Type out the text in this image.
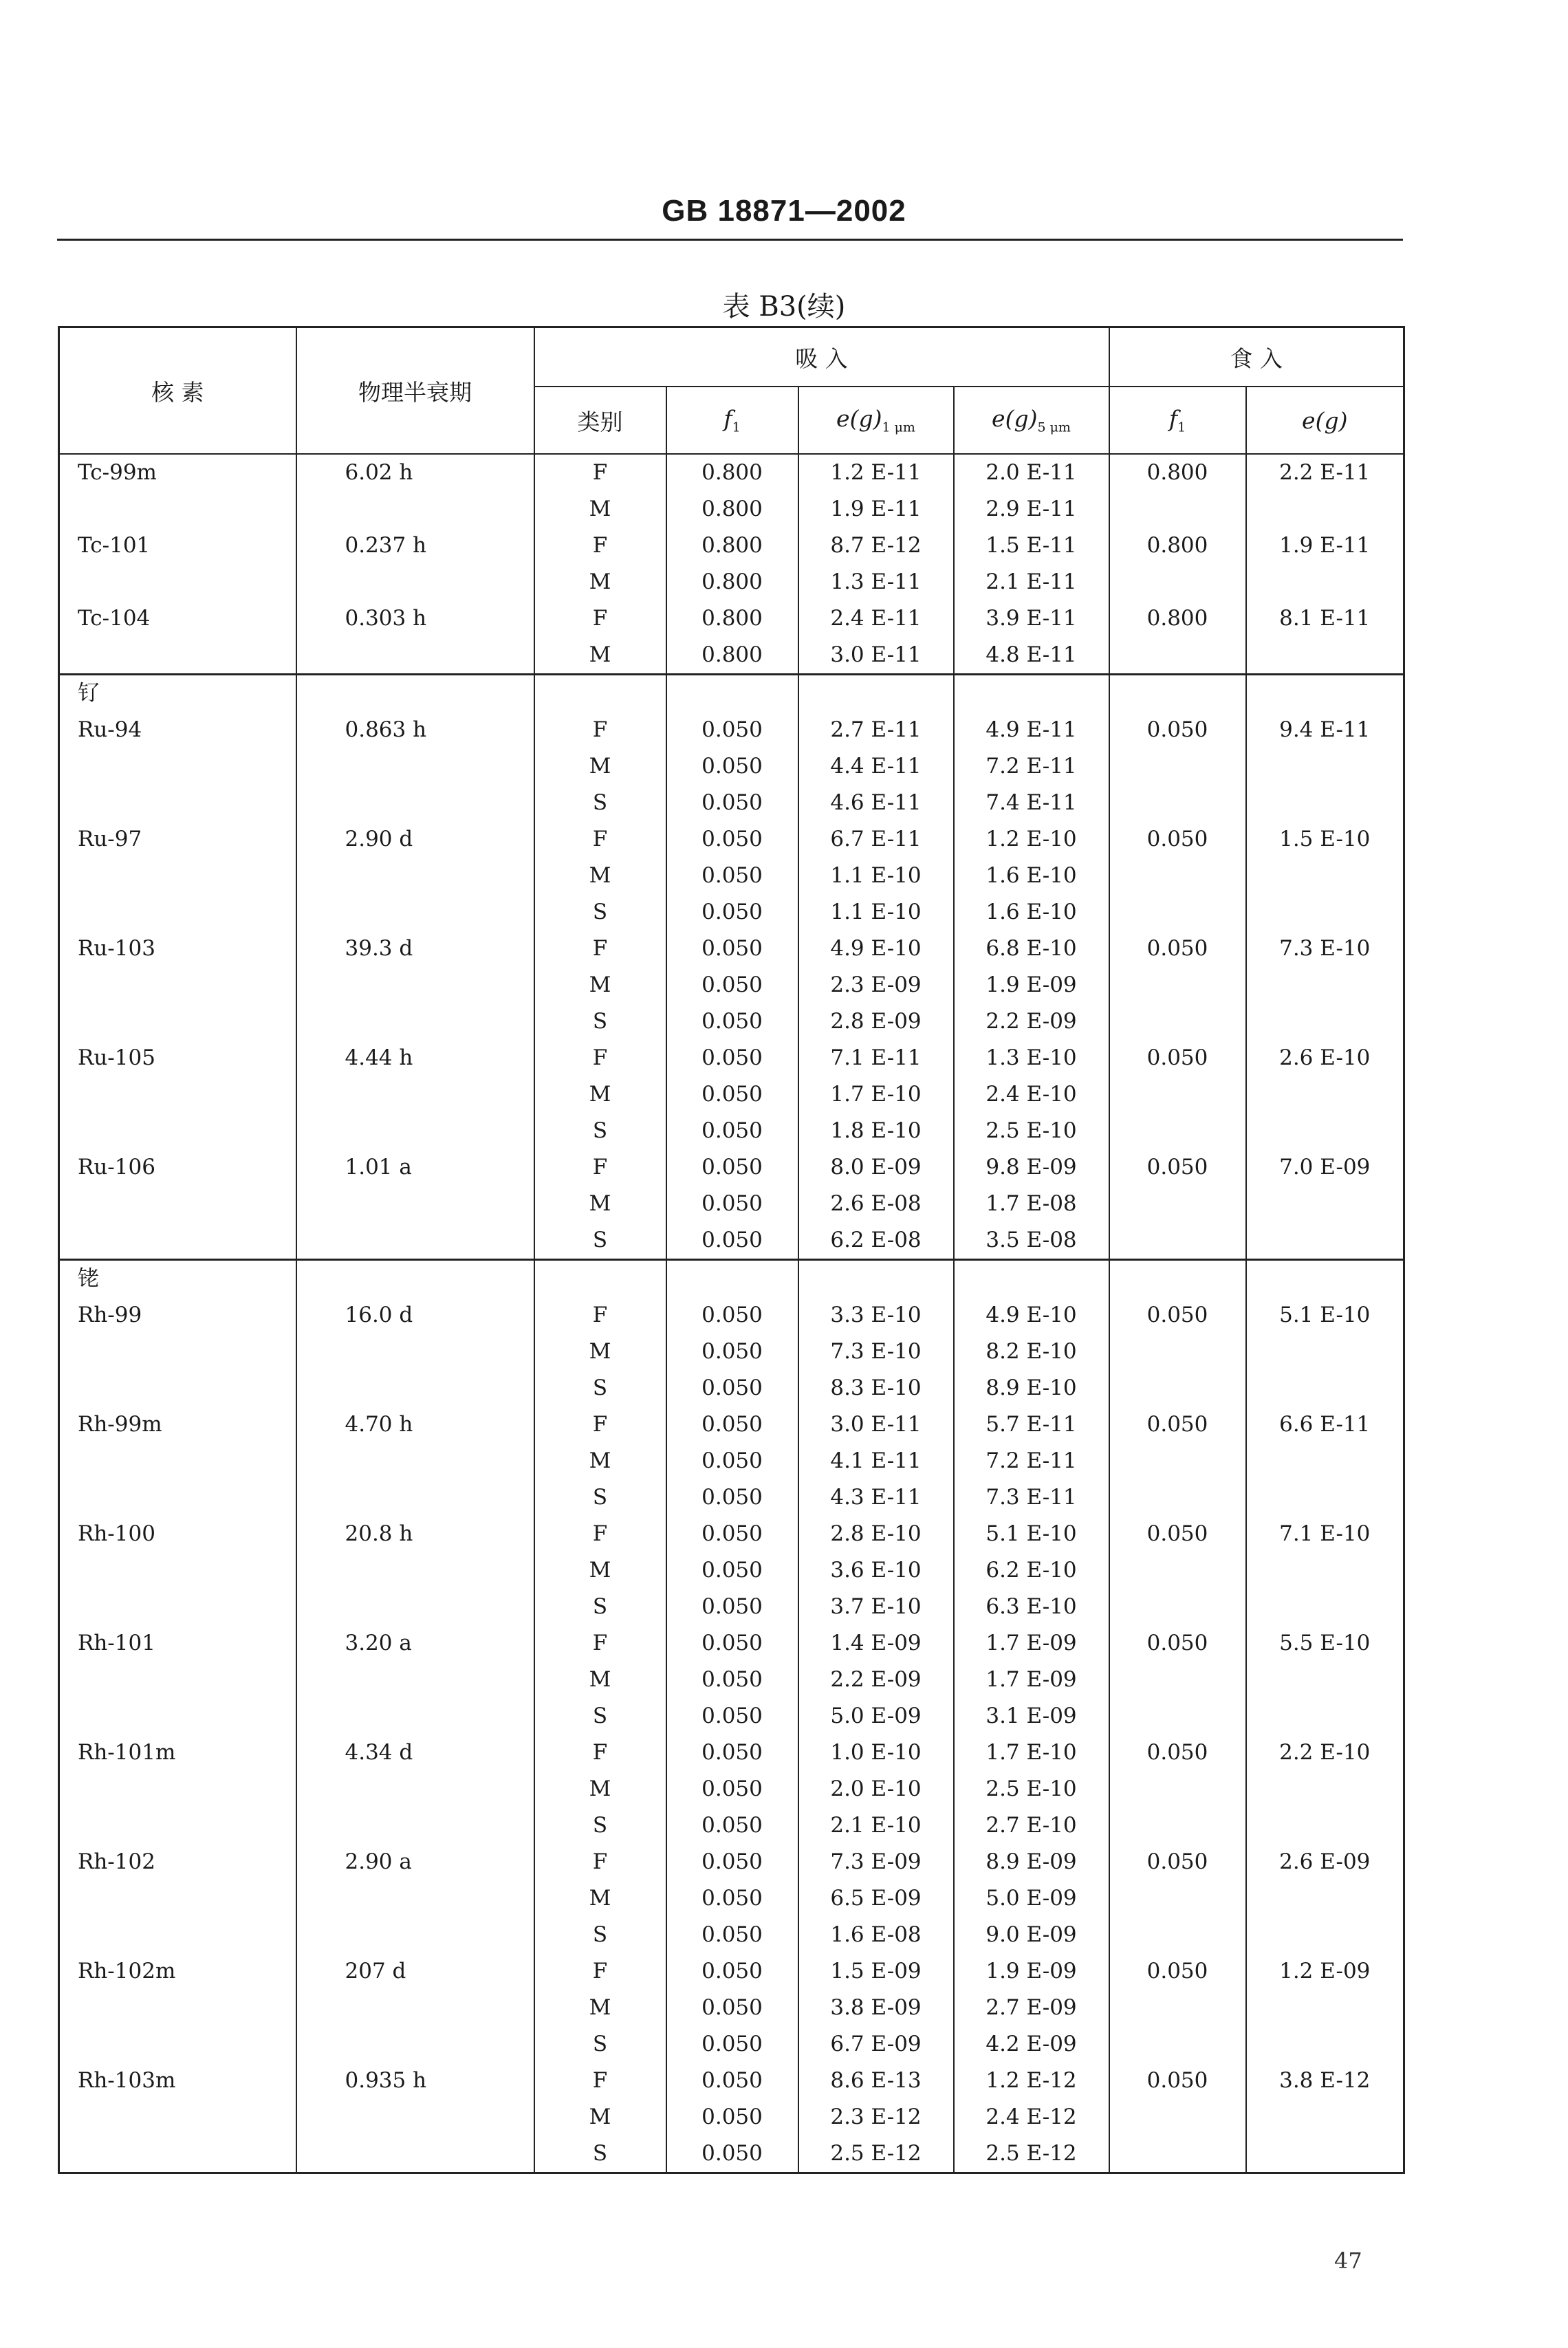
GB 18871—2002
表 B3(续)
核 素	物理半衰期	吸 入				食 入	
		类别	$f_1$	$e(g)_{1 \mu m}$	$e(g)_{5 \mu m}$	$f_1$	e(g)
Tc-99m	6.02 h	F	0.800	1.2 E-11	2.0 E-11	0.800	2.2 E-11
		M	0.800	1.9 E-11	2.9 E-11		
Tc-101	0.237 h	F	0.800	8.7 E-12	1.5 E-11	0.800	1.9 E-11
		M	0.800	1.3 E-11	2.1 E-11		
Tc-104	0.303 h	F	0.800	2.4 E-11	3.9 E-11	0.800	8.1 E-11
		M	0.800	3.0 E-11	4.8 E-11		
钌							
Ru-94	0.863 h	F	0.050	2.7 E-11	4.9 E-11	0.050	9.4 E-11
		M	0.050	4.4 E-11	7.2 E-11		
		S	0.050	4.6 E-11	7.4 E-11		
Ru-97	2.90 d	F	0.050	6.7 E-11	1.2 E-10	0.050	1.5 E-10
		M	0.050	1.1 E-10	1.6 E-10		
		S	0.050	1.1 E-10	1.6 E-10		
Ru-103	39.3 d	F	0.050	4.9 E-10	6.8 E-10	0.050	7.3 E-10
		M	0.050	2.3 E-09	1.9 E-09		
		S	0.050	2.8 E-09	2.2 E-09		
Ru-105	4.44 h	F	0.050	7.1 E-11	1.3 E-10	0.050	2.6 E-10
		M	0.050	1.7 E-10	2.4 E-10		
		S	0.050	1.8 E-10	2.5 E-10		
Ru-106	1.01 a	F	0.050	8.0 E-09	9.8 E-09	0.050	7.0 E-09
		M	0.050	2.6 E-08	1.7 E-08		
		S	0.050	6.2 E-08	3.5 E-08		
铑							
Rh-99	16.0 d	F	0.050	3.3 E-10	4.9 E-10	0.050	5.1 E-10
		M	0.050	7.3 E-10	8.2 E-10		
		S	0.050	8.3 E-10	8.9 E-10		
Rh-99m	4.70 h	F	0.050	3.0 E-11	5.7 E-11	0.050	6.6 E-11
		M	0.050	4.1 E-11	7.2 E-11		
		S	0.050	4.3 E-11	7.3 E-11		
Rh-100	20.8 h	F	0.050	2.8 E-10	5.1 E-10	0.050	7.1 E-10
		M	0.050	3.6 E-10	6.2 E-10		
		S	0.050	3.7 E-10	6.3 E-10		
Rh-101	3.20 a	F	0.050	1.4 E-09	1.7 E-09	0.050	5.5 E-10
		M	0.050	2.2 E-09	1.7 E-09		
		S	0.050	5.0 E-09	3.1 E-09		
Rh-101m	4.34 d	F	0.050	1.0 E-10	1.7 E-10	0.050	2.2 E-10
		M	0.050	2.0 E-10	2.5 E-10		
		S	0.050	2.1 E-10	2.7 E-10		
Rh-102	2.90 a	F	0.050	7.3 E-09	8.9 E-09	0.050	2.6 E-09
		M	0.050	6.5 E-09	5.0 E-09		
		S	0.050	1.6 E-08	9.0 E-09		
Rh-102m	207 d	F	0.050	1.5 E-09	1.9 E-09	0.050	1.2 E-09
		M	0.050	3.8 E-09	2.7 E-09		
		S	0.050	6.7 E-09	4.2 E-09		
Rh-103m	0.935 h	F	0.050	8.6 E-13	1.2 E-12	0.050	3.8 E-12
		M	0.050	2.3 E-12	2.4 E-12		
		S	0.050	2.5 E-12	2.5 E-12		
47
